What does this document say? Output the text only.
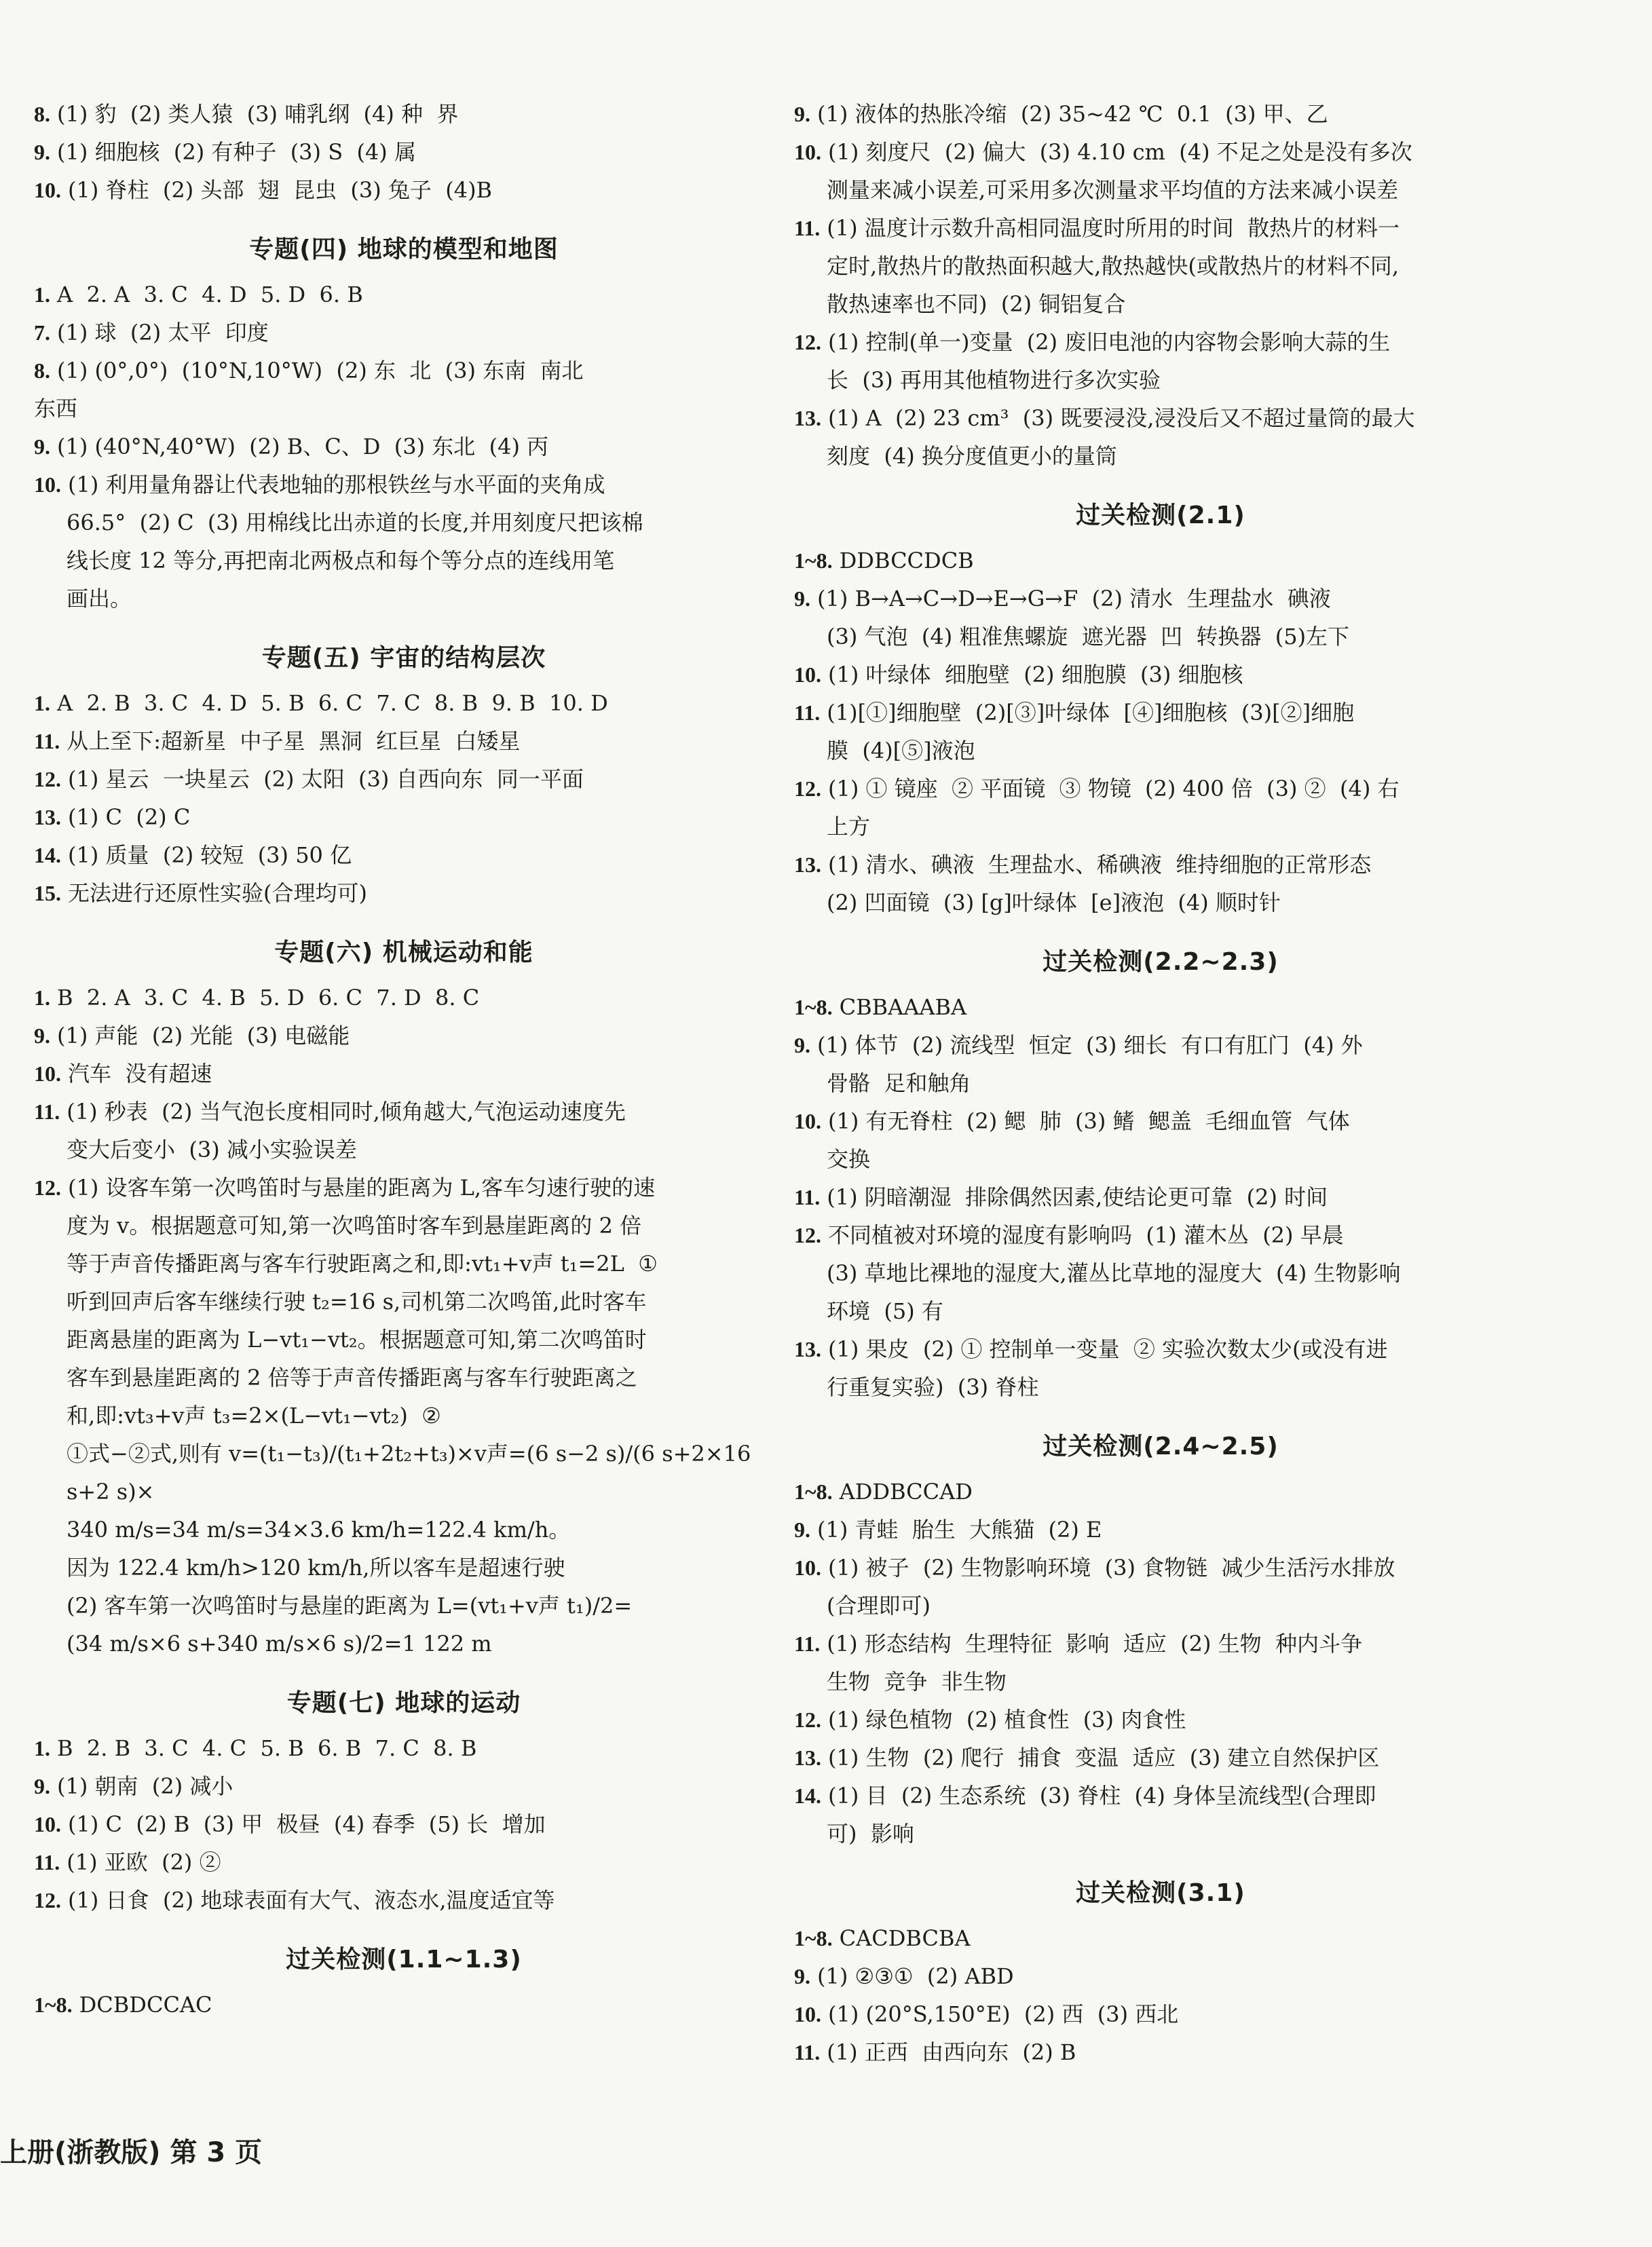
8. (1) 豹  (2) 类人猿  (3) 哺乳纲  (4) 种  界
9. (1) 细胞核  (2) 有种子  (3) S  (4) 属
10. (1) 脊柱  (2) 头部  翅  昆虫  (3) 兔子  (4)B
专题(四) 地球的模型和地图
1. A  2. A  3. C  4. D  5. D  6. B
7. (1) 球  (2) 太平  印度
8. (1) (0°,0°)  (10°N,10°W)  (2) 东  北  (3) 东南  南北
东西
9. (1) (40°N,40°W)  (2) B、C、D  (3) 东北  (4) 丙
10. (1) 利用量角器让代表地轴的那根铁丝与水平面的夹角成
66.5°  (2) C  (3) 用棉线比出赤道的长度,并用刻度尺把该棉
线长度 12 等分,再把南北两极点和每个等分点的连线用笔
画出。
专题(五) 宇宙的结构层次
1. A  2. B  3. C  4. D  5. B  6. C  7. C  8. B  9. B  10. D
11. 从上至下:超新星  中子星  黑洞  红巨星  白矮星
12. (1) 星云  一块星云  (2) 太阳  (3) 自西向东  同一平面
13. (1) C  (2) C
14. (1) 质量  (2) 较短  (3) 50 亿
15. 无法进行还原性实验(合理均可)
专题(六) 机械运动和能
1. B  2. A  3. C  4. B  5. D  6. C  7. D  8. C
9. (1) 声能  (2) 光能  (3) 电磁能
10. 汽车  没有超速
11. (1) 秒表  (2) 当气泡长度相同时,倾角越大,气泡运动速度先
变大后变小  (3) 减小实验误差
12. (1) 设客车第一次鸣笛时与悬崖的距离为 L,客车匀速行驶的速
度为 v。根据题意可知,第一次鸣笛时客车到悬崖距离的 2 倍
等于声音传播距离与客车行驶距离之和,即:vt₁+v声 t₁=2L  ①
听到回声后客车继续行驶 t₂=16 s,司机第二次鸣笛,此时客车
距离悬崖的距离为 L−vt₁−vt₂。根据题意可知,第二次鸣笛时
客车到悬崖距离的 2 倍等于声音传播距离与客车行驶距离之
和,即:vt₃+v声 t₃=2×(L−vt₁−vt₂)  ②
①式−②式,则有 v=(t₁−t₃)/(t₁+2t₂+t₃)×v声=(6 s−2 s)/(6 s+2×16 s+2 s)×
340 m/s=34 m/s=34×3.6 km/h=122.4 km/h。
因为 122.4 km/h>120 km/h,所以客车是超速行驶
(2) 客车第一次鸣笛时与悬崖的距离为 L=(vt₁+v声 t₁)/2=
(34 m/s×6 s+340 m/s×6 s)/2=1 122 m
专题(七) 地球的运动
1. B  2. B  3. C  4. C  5. B  6. B  7. C  8. B
9. (1) 朝南  (2) 减小
10. (1) C  (2) B  (3) 甲  极昼  (4) 春季  (5) 长  增加
11. (1) 亚欧  (2) ②
12. (1) 日食  (2) 地球表面有大气、液态水,温度适宜等
过关检测(1.1~1.3)
1~8. DCBDCCAC
9. (1) 液体的热胀冷缩  (2) 35~42 ℃  0.1  (3) 甲、乙
10. (1) 刻度尺  (2) 偏大  (3) 4.10 cm  (4) 不足之处是没有多次
测量来减小误差,可采用多次测量求平均值的方法来减小误差
11. (1) 温度计示数升高相同温度时所用的时间  散热片的材料一
定时,散热片的散热面积越大,散热越快(或散热片的材料不同,
散热速率也不同)  (2) 铜铝复合
12. (1) 控制(单一)变量  (2) 废旧电池的内容物会影响大蒜的生
长  (3) 再用其他植物进行多次实验
13. (1) A  (2) 23 cm³  (3) 既要浸没,浸没后又不超过量筒的最大
刻度  (4) 换分度值更小的量筒
过关检测(2.1)
1~8. DDBCCDCB
9. (1) B→A→C→D→E→G→F  (2) 清水  生理盐水  碘液
(3) 气泡  (4) 粗准焦螺旋  遮光器  凹  转换器  (5)左下
10. (1) 叶绿体  细胞壁  (2) 细胞膜  (3) 细胞核
11. (1)[①]细胞壁  (2)[③]叶绿体  [④]细胞核  (3)[②]细胞
膜  (4)[⑤]液泡
12. (1) ① 镜座  ② 平面镜  ③ 物镜  (2) 400 倍  (3) ②  (4) 右
上方
13. (1) 清水、碘液  生理盐水、稀碘液  维持细胞的正常形态
(2) 凹面镜  (3) [g]叶绿体  [e]液泡  (4) 顺时针
过关检测(2.2~2.3)
1~8. CBBAAABA
9. (1) 体节  (2) 流线型  恒定  (3) 细长  有口有肛门  (4) 外
骨骼  足和触角
10. (1) 有无脊柱  (2) 鳃  肺  (3) 鳍  鳃盖  毛细血管  气体
交换
11. (1) 阴暗潮湿  排除偶然因素,使结论更可靠  (2) 时间
12. 不同植被对环境的湿度有影响吗  (1) 灌木丛  (2) 早晨
(3) 草地比裸地的湿度大,灌丛比草地的湿度大  (4) 生物影响
环境  (5) 有
13. (1) 果皮  (2) ① 控制单一变量  ② 实验次数太少(或没有进
行重复实验)  (3) 脊柱
过关检测(2.4~2.5)
1~8. ADDBCCAD
9. (1) 青蛙  胎生  大熊猫  (2) E
10. (1) 被子  (2) 生物影响环境  (3) 食物链  减少生活污水排放
(合理即可)
11. (1) 形态结构  生理特征  影响  适应  (2) 生物  种内斗争
生物  竞争  非生物
12. (1) 绿色植物  (2) 植食性  (3) 肉食性
13. (1) 生物  (2) 爬行  捕食  变温  适应  (3) 建立自然保护区
14. (1) 目  (2) 生态系统  (3) 脊柱  (4) 身体呈流线型(合理即
可)  影响
过关检测(3.1)
1~8. CACDBCBA
9. (1) ②③①  (2) ABD
10. (1) (20°S,150°E)  (2) 西  (3) 西北
11. (1) 正西  由西向东  (2) B
上册(浙教版) 第 3 页
